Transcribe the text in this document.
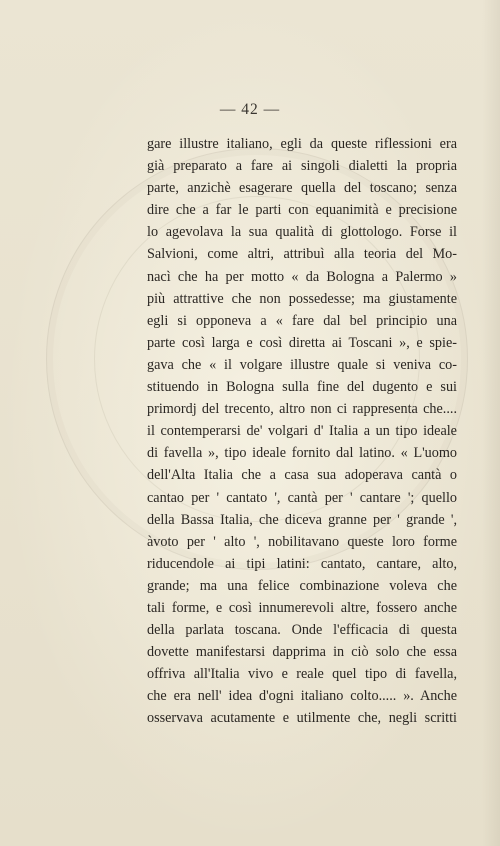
— 42 —
gare illustre italiano, egli da queste riflessioni era
già preparato a fare ai singoli dialetti la propria
parte, anzichè esagerare quella del toscano; senza
dire che a far le parti con equanimità e precisione
lo agevolava la sua qualità di glottologo. Forse il
Salvioni, come altri, attribuì alla teoria del Mo-
nacì che ha per motto « da Bologna a Palermo »
più attrattive che non possedesse; ma giustamente
egli si opponeva a « fare dal bel principio una
parte così larga e così diretta ai Toscani », e spie-
gava che « il volgare illustre quale si veniva co-
stituendo in Bologna sulla fine del dugento e sui
primordj del trecento, altro non ci rappresenta che....
il contemperarsi de' volgari d' Italia a un tipo ideale
di favella », tipo ideale fornito dal latino. « L'uomo
dell'Alta Italia che a casa sua adoperava cantà o
cantao per ' cantato ', cantà per ' cantare '; quello
della Bassa Italia, che diceva granne per ' grande ',
àvoto per ' alto ', nobilitavano queste loro forme
riducendole ai tipi latini: cantato, cantare, alto,
grande; ma una felice combinazione voleva che
tali forme, e così innumerevoli altre, fossero anche
della parlata toscana. Onde l'efficacia di questa
dovette manifestarsi dapprima in ciò solo che essa
offriva all'Italia vivo e reale quel tipo di favella,
che era nell' idea d'ogni italiano colto..... ». Anche
osservava acutamente e utilmente che, negli scritti
